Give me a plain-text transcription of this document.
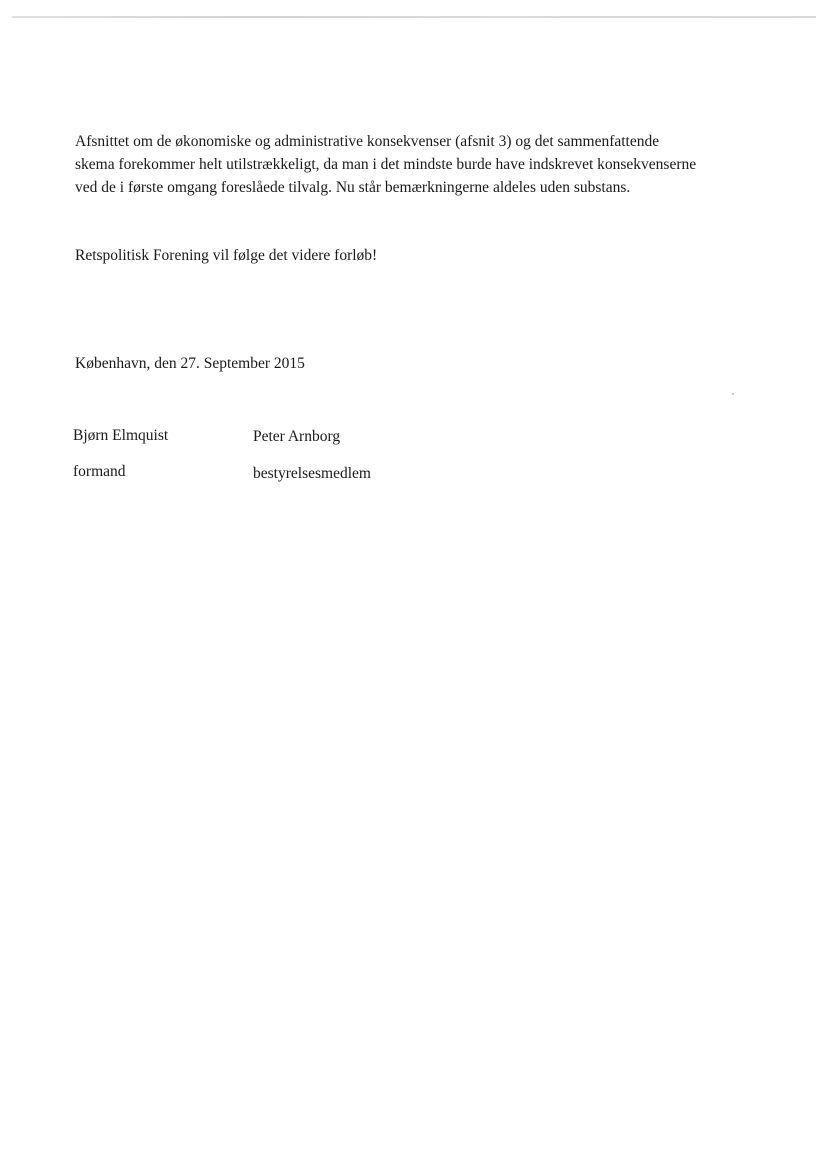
Afsnittet om de økonomiske og administrative konsekvenser (afsnit 3) og det sammenfattende
skema forekommer helt utilstrækkeligt, da man i det mindste burde have indskrevet konsekvenserne
ved de i første omgang foreslåede tilvalg. Nu står bemærkningerne aldeles uden substans.

Retspolitisk Forening vil følge det videre forløb!

København, den 27. September 2015

Bjørn Elmquist
formand
Peter Arnborg
bestyrelsesmedlem
